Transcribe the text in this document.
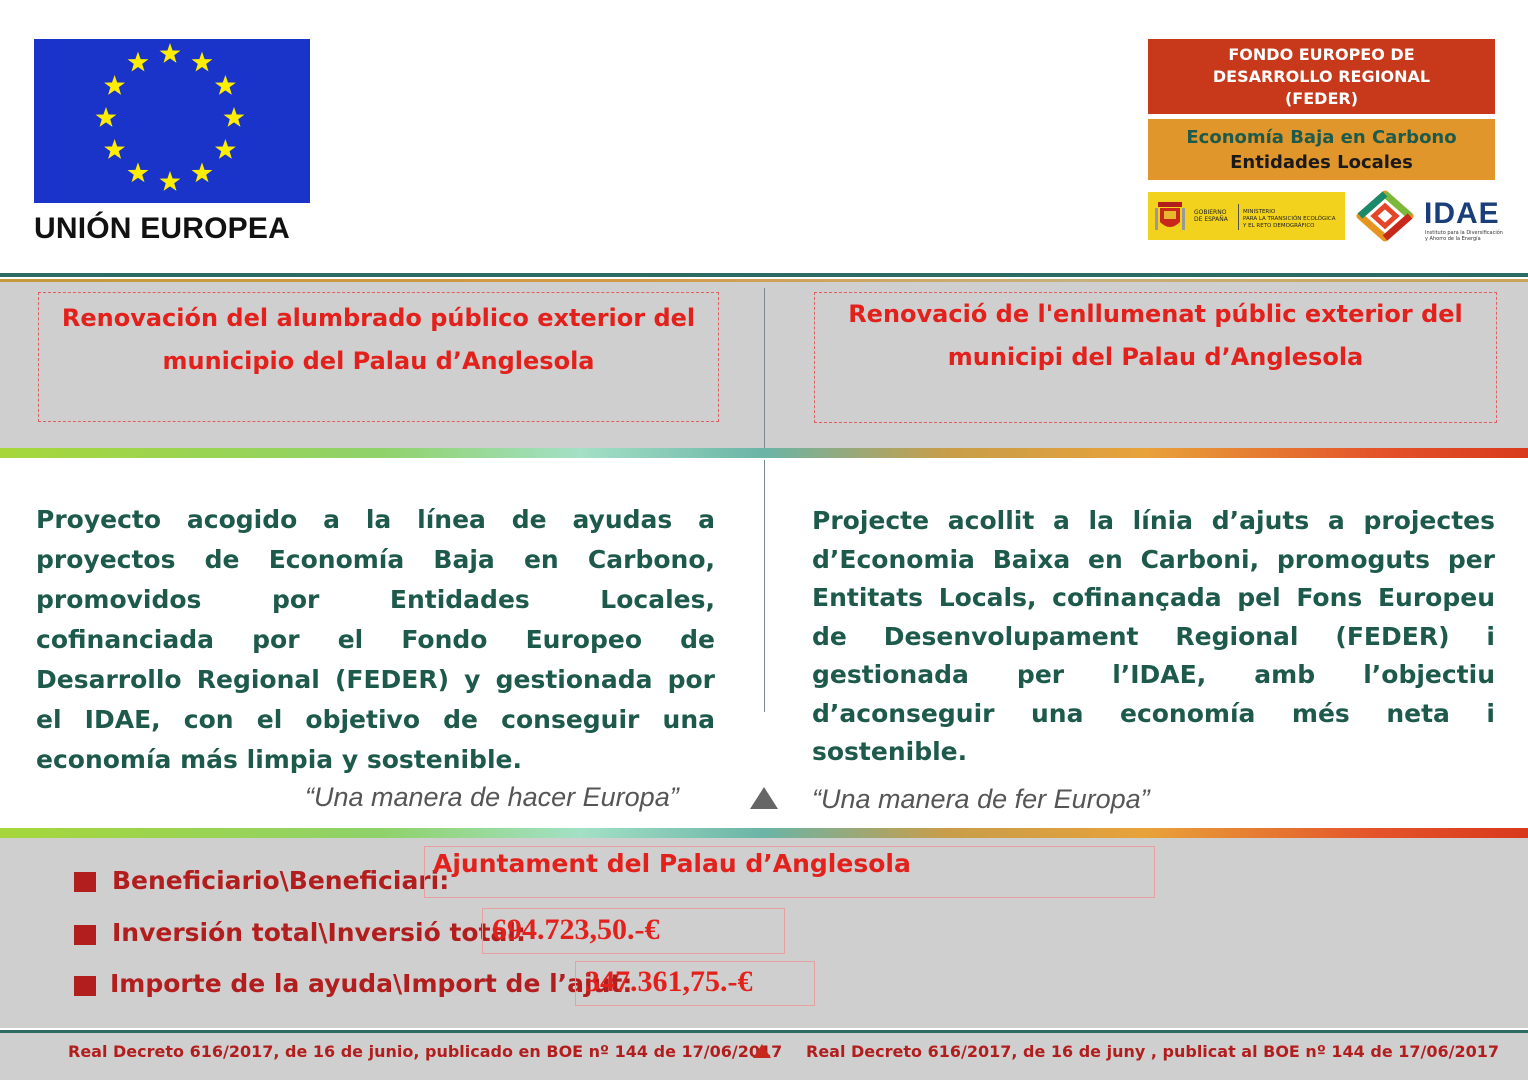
UNIÓN EUROPEA
FONDO EUROPEO DE
DESARROLLO REGIONAL
(FEDER)
Economía Baja en Carbono
Entidades Locales
GOBIERNO
DE ESPAÑA
MINISTERIO
PARA LA TRANSICIÓN ECOLÓGICA
Y EL RETO DEMOGRÁFICO	IDAE
Instituto para la Diversificación
y Ahorro de la Energía
Renovación del alumbrado público exterior del
municipio del Palau d’Anglesola
Renovació de l'enllumenat públic exterior del
municipi del Palau d’Anglesola
Proyecto acogido a la línea de ayudas a proyectos de Economía Baja en Carbono, promovidos por Entidades Locales, cofinanciada por el Fondo Europeo de Desarrollo Regional (FEDER) y gestionada por el IDAE, con el objetivo de conseguir una economía más limpia y sostenible.
Projecte acollit a la línia d’ajuts a projectes d’Economia Baixa en Carboni, promoguts per Entitats Locals, cofinançada pel Fons Europeu de Desenvolupament Regional (FEDER) i gestionada per l’IDAE, amb l’objectiu d’aconseguir una economía més neta i sostenible.
“Una manera de hacer Europa”	“Una manera de fer Europa”
Beneficiario\Beneficiari:
Ajuntament del Palau d’Anglesola
Inversión total\Inversió total:
694.723,50.-€
Importe de la ayuda\Import de l’ajut:
347.361,75.-€
Real Decreto 616/2017, de 16 de junio, publicado en BOE nº 144 de 17/06/2017 Real Decreto 616/2017, de 16 de juny , publicat al BOE nº 144 de 17/06/2017
